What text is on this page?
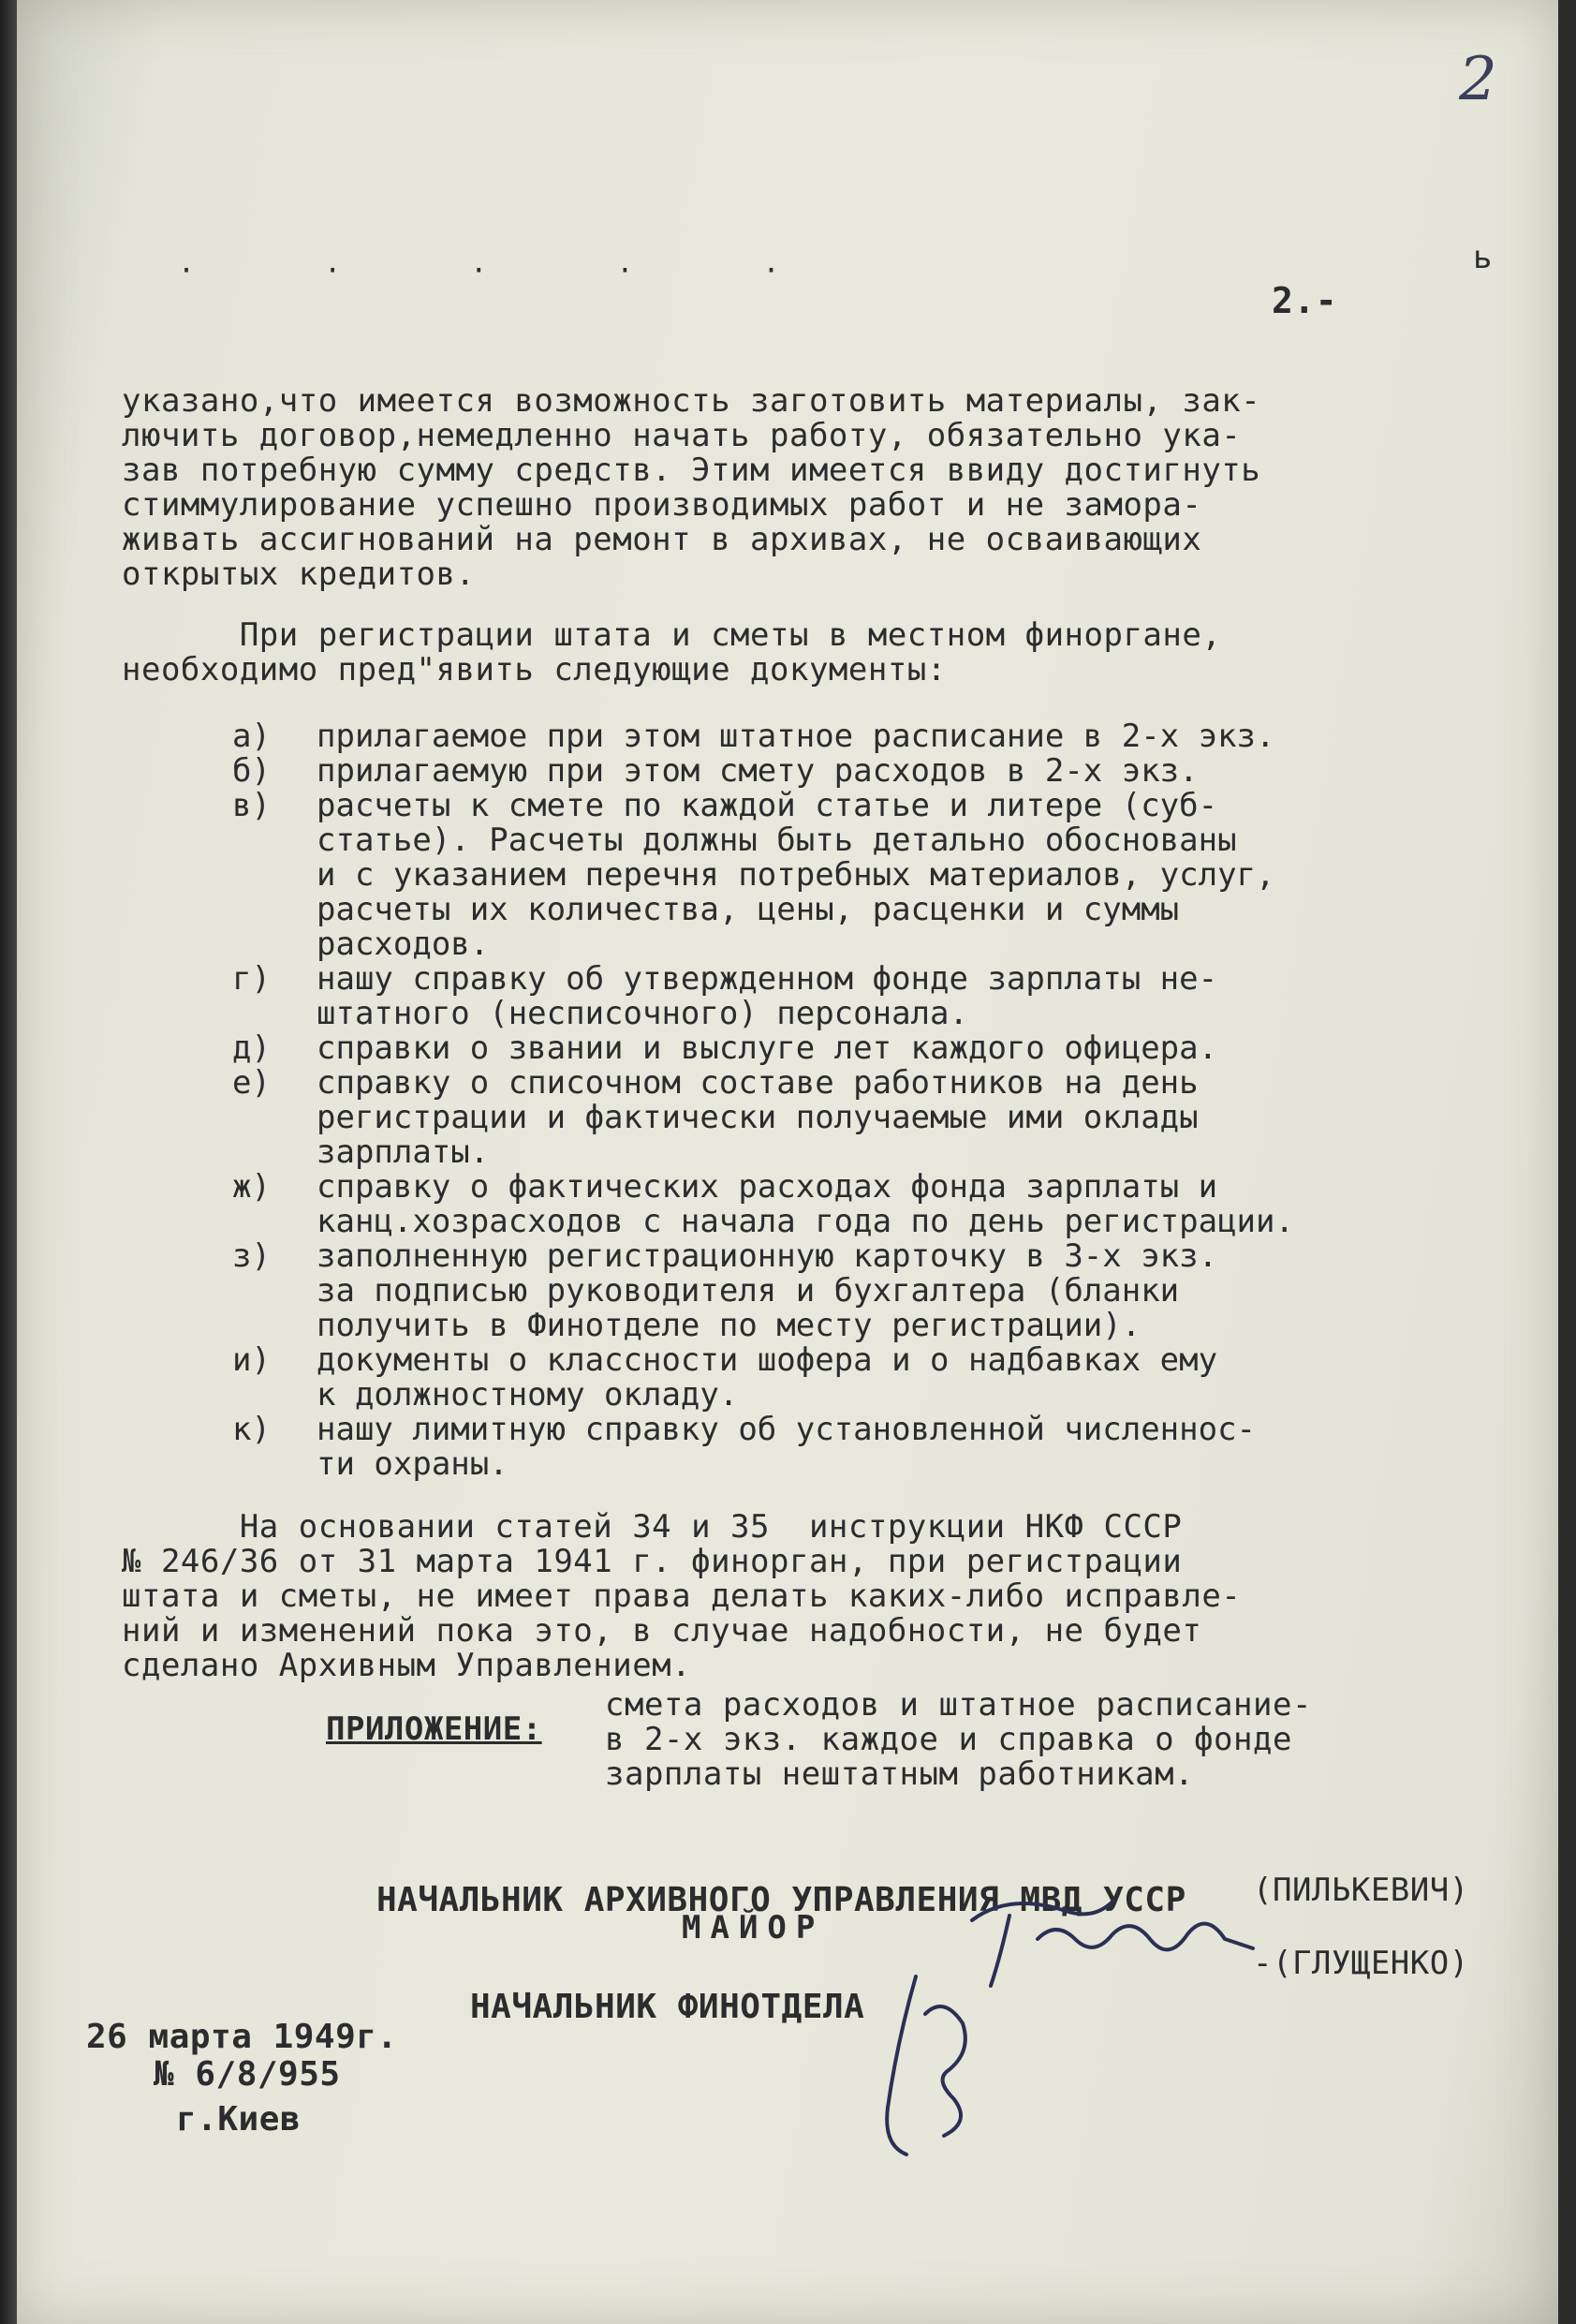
2
· · · · ·	ь
2.-
указано,что имеется возможность заготовить материалы, зак-
лючить договор,немедленно начать работу, обязательно ука-
зав потребную сумму средств. Этим имеется ввиду достигнуть
стиммулирование успешно производимых работ и не замора-
живать ассигнований на ремонт в архивах, не осваивающих
открытых кредитов.
При регистрации штата и сметы в местном финоргане,
необходимо пред"явить следующие документы:
а)	прилагаемое при этом штатное расписание в 2-х экз.
б)	прилагаемую при этом смету расходов в 2-х экз.
в)	расчеты к смете по каждой статье и литере (суб-
статье). Расчеты должны быть детально обоснованы
и с указанием перечня потребных материалов, услуг,
расчеты их количества, цены, расценки и суммы
расходов.
г)	нашу справку об утвержденном фонде зарплаты не-
штатного (несписочного) персонала.
д)	справки о звании и выслуге лет каждого офицера.
е)	справку о списочном составе работников на день
регистрации и фактически получаемые ими оклады
зарплаты.
ж)	справку о фактических расходах фонда зарплаты и
канц.хозрасходов с начала года по день регистрации.
з)	заполненную регистрационную карточку в 3-х экз.
за подписью руководителя и бухгалтера (бланки
получить в Финотделе по месту регистрации).
и)	документы о классности шофера и о надбавках ему
к должностному окладу.
к)	нашу лимитную справку об установленной численнос-
ти охраны.
На основании статей 34 и 35  инструкции НКФ СССР
№ 246/36 от 31 марта 1941 г. финорган, при регистрации
штата и сметы, не имеет права делать каких-либо исправле-
ний и изменений пока это, в случае надобности, не будет
сделано Архивным Управлением.
ПРИЛОЖЕНИЕ:
смета расходов и штатное расписание-
в 2-х экз. каждое и справка о фонде
зарплаты нештатным работникам.
НАЧАЛЬНИК АРХИВНОГО УПРАВЛЕНИЯ МВД УССР (ПИЛЬКЕВИЧ)
МАЙОР
НАЧАЛЬНИК ФИНОТДЕЛА
-(ГЛУЩЕНКО)
26 марта 1949г.
№ 6/8/955
г.Киев
